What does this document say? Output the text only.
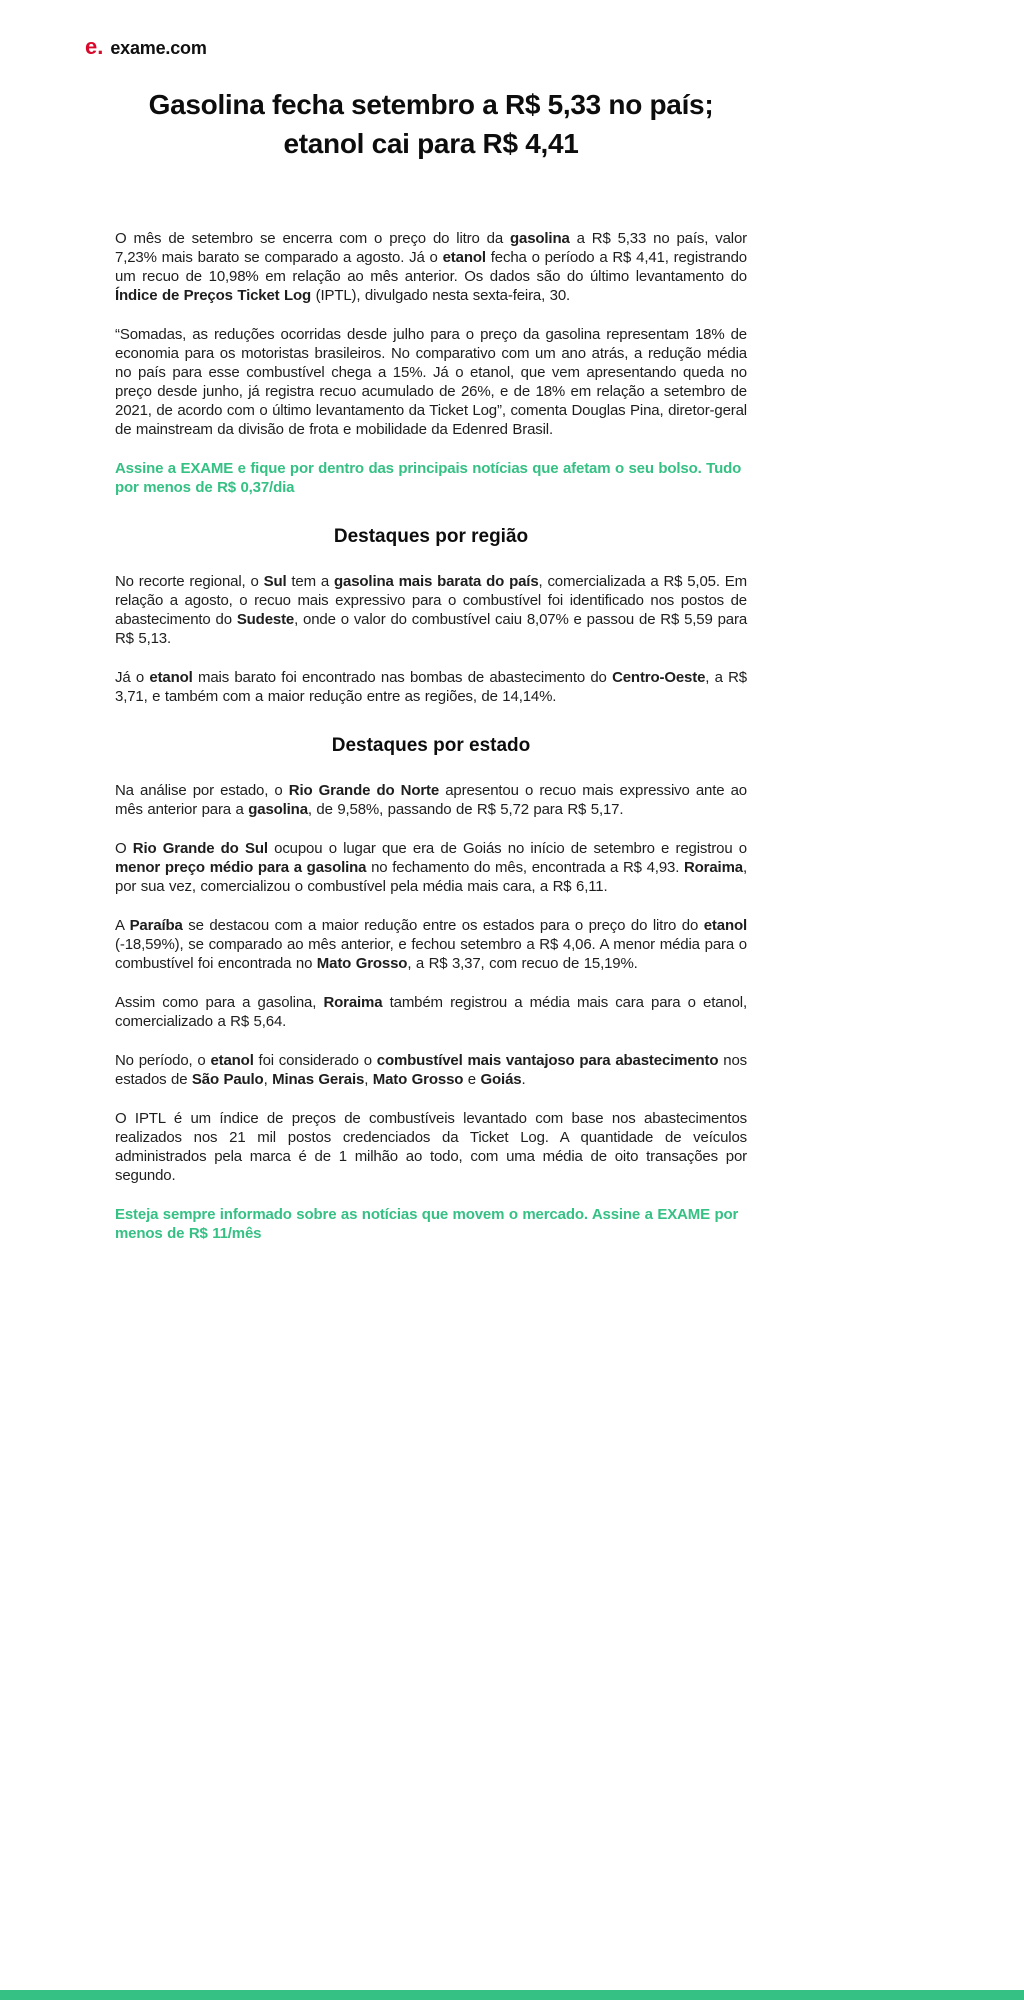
e. exame.com
Gasolina fecha setembro a R$ 5,33 no país; etanol cai para R$ 4,41

O mês de setembro se encerra com o preço do litro da gasolina a R$ 5,33 no país, valor 7,23% mais barato se comparado a agosto. Já o etanol fecha o período a R$ 4,41, registrando um recuo de 10,98% em relação ao mês anterior. Os dados são do último levantamento do Índice de Preços Ticket Log (IPTL), divulgado nesta sexta-feira, 30.

“Somadas, as reduções ocorridas desde julho para o preço da gasolina representam 18% de economia para os motoristas brasileiros. No comparativo com um ano atrás, a redução média no país para esse combustível chega a 15%. Já o etanol, que vem apresentando queda no preço desde junho, já registra recuo acumulado de 26%, e de 18% em relação a setembro de 2021, de acordo com o último levantamento da Ticket Log”, comenta Douglas Pina, diretor-geral de mainstream da divisão de frota e mobilidade da Edenred Brasil.

Assine a EXAME e fique por dentro das principais notícias que afetam o seu bolso. Tudo por menos de R$ 0,37/dia

Destaques por região

No recorte regional, o Sul tem a gasolina mais barata do país, comercializada a R$ 5,05. Em relação a agosto, o recuo mais expressivo para o combustível foi identificado nos postos de abastecimento do Sudeste, onde o valor do combustível caiu 8,07% e passou de R$ 5,59 para R$ 5,13.

Já o etanol mais barato foi encontrado nas bombas de abastecimento do Centro-Oeste, a R$ 3,71, e também com a maior redução entre as regiões, de 14,14%.

Destaques por estado

Na análise por estado, o Rio Grande do Norte apresentou o recuo mais expressivo ante ao mês anterior para a gasolina, de 9,58%, passando de R$ 5,72 para R$ 5,17.

O Rio Grande do Sul ocupou o lugar que era de Goiás no início de setembro e registrou o menor preço médio para a gasolina no fechamento do mês, encontrada a R$ 4,93. Roraima, por sua vez, comercializou o combustível pela média mais cara, a R$ 6,11.

A Paraíba se destacou com a maior redução entre os estados para o preço do litro do etanol (-18,59%), se comparado ao mês anterior, e fechou setembro a R$ 4,06. A menor média para o combustível foi encontrada no Mato Grosso, a R$ 3,37, com recuo de 15,19%.

Assim como para a gasolina, Roraima também registrou a média mais cara para o etanol, comercializado a R$ 5,64.

No período, o etanol foi considerado o combustível mais vantajoso para abastecimento nos estados de São Paulo, Minas Gerais, Mato Grosso e Goiás.

O IPTL é um índice de preços de combustíveis levantado com base nos abastecimentos realizados nos 21 mil postos credenciados da Ticket Log. A quantidade de veículos administrados pela marca é de 1 milhão ao todo, com uma média de oito transações por segundo.

Esteja sempre informado sobre as notícias que movem o mercado. Assine a EXAME por menos de R$ 11/mês
